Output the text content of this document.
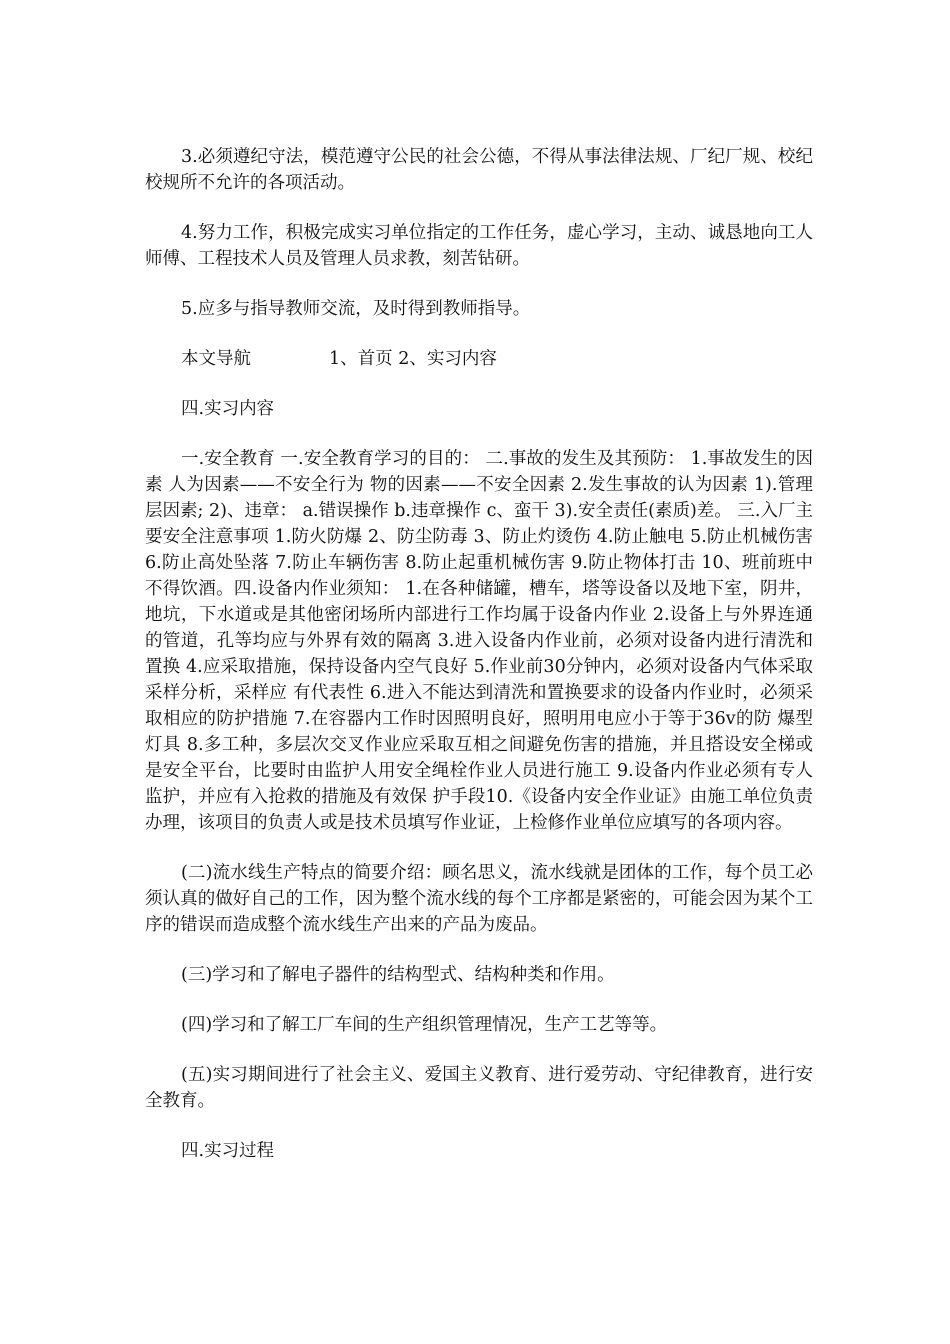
3.必须遵纪守法，模范遵守公民的社会公德，不得从事法律法规、厂纪厂规、校纪校规所不允许的各项活动。

4.努力工作，积极完成实习单位指定的工作任务，虚心学习，主动、诚恳地向工人师傅、工程技术人员及管理人员求教，刻苦钻研。

5.应多与指导教师交流，及时得到教师指导。

本文导航	1、首页 2、实习内容

四.实习内容

一.安全教育 一.安全教育学习的目的： 二.事故的发生及其预防： 1.事故发生的因素 人为因素——不安全行为 物的因素——不安全因素 2.发生事故的认为因素 1).管理层因素; 2)、违章： a.错误操作 b.违章操作 c、蛮干 3).安全责任(素质)差。 三.入厂主要安全注意事项 1.防火防爆 2、防尘防毒 3、防止灼烫伤 4.防止触电 5.防止机械伤害 6.防止高处坠落 7.防止车辆伤害 8.防止起重机械伤害 9.防止物体打击 10、班前班中不得饮酒。四.设备内作业须知： 1.在各种储罐，槽车，塔等设备以及地下室，阴井，地坑，下水道或是其他密闭场所内部进行工作均属于设备内作业 2.设备上与外界连通的管道，孔等均应与外界有效的隔离 3.进入设备内作业前，必须对设备内进行清洗和置换 4.应采取措施，保持设备内空气良好 5.作业前30分钟内，必须对设备内气体采取采样分析，采样应 有代表性 6.进入不能达到清洗和置换要求的设备内作业时，必须采取相应的防护措施 7.在容器内工作时因照明良好，照明用电应小于等于36v的防 爆型灯具 8.多工种，多层次交叉作业应采取互相之间避免伤害的措施，并且搭设安全梯或是安全平台，比要时由监护人用安全绳栓作业人员进行施工 9.设备内作业必须有专人监护，并应有入抢救的措施及有效保 护手段10.《设备内安全作业证》由施工单位负责办理，该项目的负责人或是技术员填写作业证，上检修作业单位应填写的各项内容。

(二)流水线生产特点的简要介绍：顾名思义，流水线就是团体的工作，每个员工必须认真的做好自己的工作，因为整个流水线的每个工序都是紧密的，可能会因为某个工序的错误而造成整个流水线生产出来的产品为废品。

(三)学习和了解电子器件的结构型式、结构种类和作用。

(四)学习和了解工厂车间的生产组织管理情况，生产工艺等等。

(五)实习期间进行了社会主义、爱国主义教育、进行爱劳动、守纪律教育，进行安全教育。

四.实习过程
